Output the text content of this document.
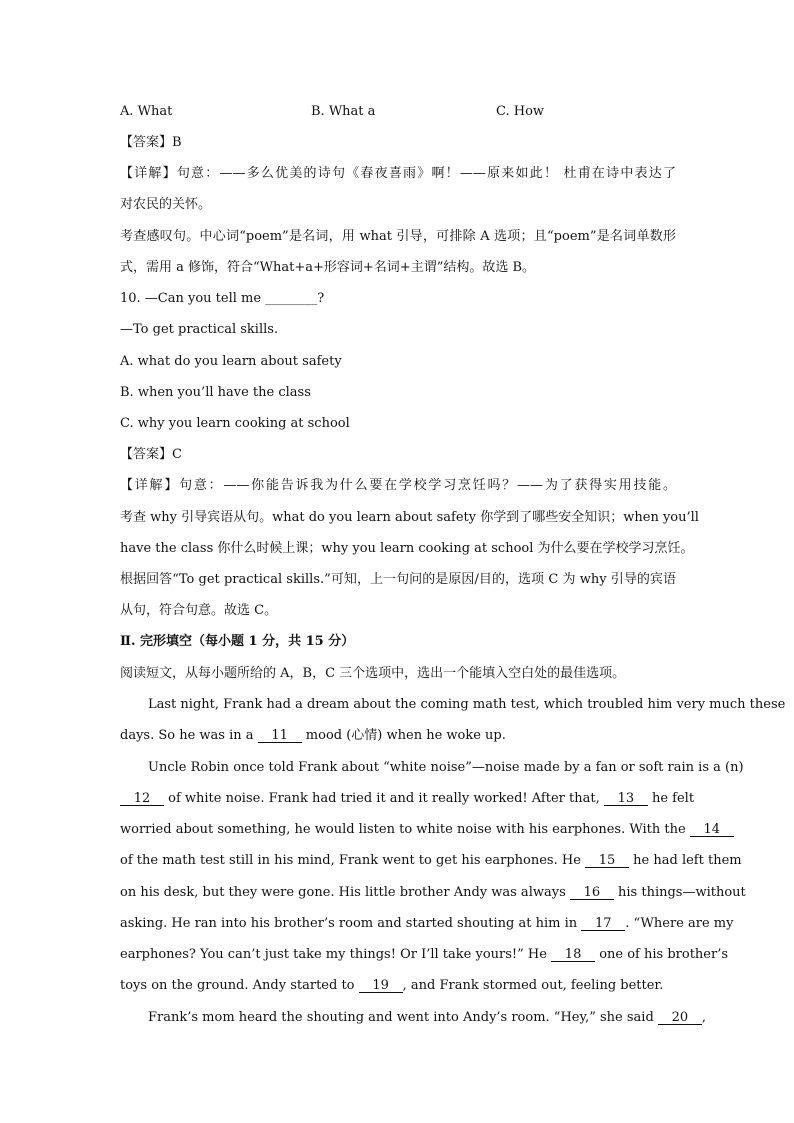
A. What	B. What a	C. How
【答案】B
【详解】句意：——多么优美的诗句《春夜喜雨》啊！——原来如此！ 杜甫在诗中表达了
对农民的关怀。
考查感叹句。中心词“poem”是名词，用 what 引导，可排除 A 选项；且“poem”是名词单数形
式，需用 a 修饰，符合“What+a+形容词+名词+主谓”结构。故选 B。
10. —Can you tell me ________?
—To get practical skills.
A. what do you learn about safety
B. when you’ll have the class
C. why you learn cooking at school
【答案】C
【详解】句意：——你能告诉我为什么要在学校学习烹饪吗？——为了获得实用技能。
考查 why 引导宾语从句。what do you learn about safety 你学到了哪些安全知识；when you’ll
have the class 你什么时候上课；why you learn cooking at school 为什么要在学校学习烹饪。
根据回答“To get practical skills.”可知，上一句问的是原因/目的，选项 C 为 why 引导的宾语
从句，符合句意。故选 C。
Ⅱ. 完形填空（每小题 1 分，共 15 分）
阅读短文，从每小题所给的 A，B，C 三个选项中，选出一个能填入空白处的最佳选项。
Last night, Frank had a dream about the coming math test, which troubled him very much these
days. So he was in a 11 mood (心情) when he woke up.
Uncle Robin once told Frank about “white noise”—noise made by a fan or soft rain is a (n)
12 of white noise. Frank had tried it and it really worked! After that, 13 he felt
worried about something, he would listen to white noise with his earphones. With the 14
of the math test still in his mind, Frank went to get his earphones. He 15 he had left them
on his desk, but they were gone. His little brother Andy was always 16 his things—without
asking. He ran into his brother’s room and started shouting at him in 17 . “Where are my
earphones? You can’t just take my things! Or I’ll take yours!” He 18 one of his brother’s
toys on the ground. Andy started to 19 , and Frank stormed out, feeling better.
Frank’s mom heard the shouting and went into Andy’s room. “Hey,” she said 20 ,
